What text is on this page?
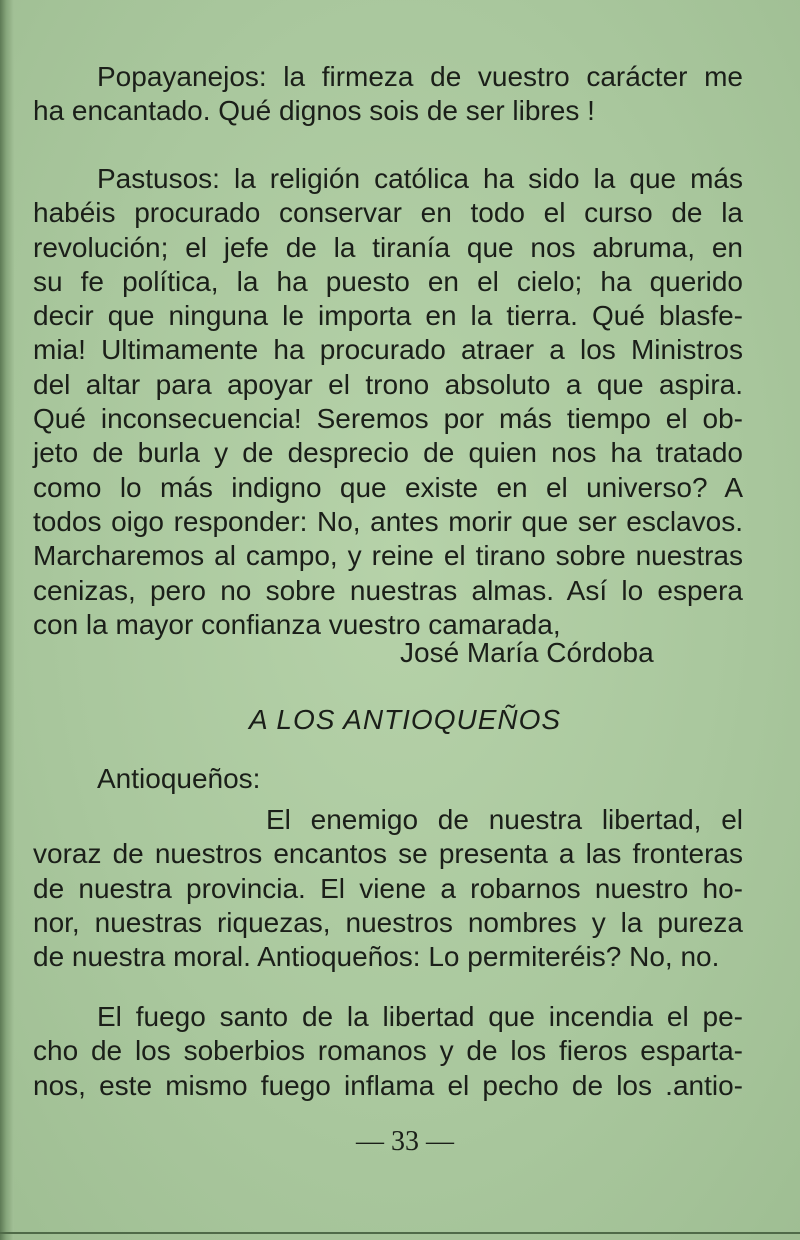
Popayanejos: la firmeza de vuestro carácter me
ha encantado. Qué dignos sois de ser libres !
Pastusos: la religión católica ha sido la que más
habéis procurado conservar en todo el curso de la
revolución; el jefe de la tiranía que nos abruma, en
su fe política, la ha puesto en el cielo; ha querido
decir que ninguna le importa en la tierra. Qué blasfe-
mia! Ultimamente ha procurado atraer a los Ministros
del altar para apoyar el trono absoluto a que aspira.
Qué inconsecuencia! Seremos por más tiempo el ob-
jeto de burla y de desprecio de quien nos ha tratado
como lo más indigno que existe en el universo? A
todos oigo responder: No, antes morir que ser esclavos.
Marcharemos al campo, y reine el tirano sobre nuestras
cenizas, pero no sobre nuestras almas. Así lo espera
con la mayor confianza vuestro camarada,
José María Córdoba
A LOS ANTIOQUEÑOS
Antioqueños:
El enemigo de nuestra libertad, el
voraz de nuestros encantos se presenta a las fronteras
de nuestra provincia. El viene a robarnos nuestro ho-
nor, nuestras riquezas, nuestros nombres y la pureza
de nuestra moral. Antioqueños: Lo permiteréis? No, no.
El fuego santo de la libertad que incendia el pe-
cho de los soberbios romanos y de los fieros esparta-
nos, este mismo fuego inflama el pecho de los .antio-
— 33 —
